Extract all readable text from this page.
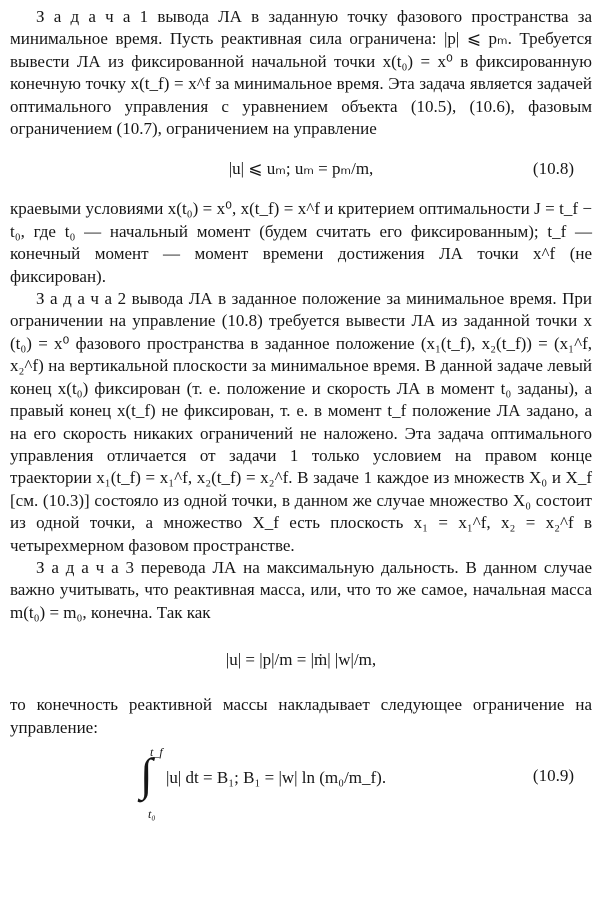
З а д а ч а 1 вывода ЛА в заданную точку фазового пространства за минимальное время. Пусть реактивная сила ограничена: |p| ⩽ pₘ. Требуется вывести ЛА из фиксированной начальной точки x(t₀) = x⁰ в фиксированную конечную точку x(t_f) = x^f за минимальное время. Эта задача является задачей оптимального управления с уравнением объекта (10.5), (10.6), фазовым ограничением (10.7), ограничением на управление

|u| ⩽ uₘ; uₘ = pₘ/m,	(10.8)

краевыми условиями x(t₀) = x⁰, x(t_f) = x^f и критерием оптимальности J = t_f − t₀, где t₀ — начальный момент (будем считать его фиксированным); t_f — конечный момент — момент времени достижения ЛА точки x^f (не фиксирован).

З а д а ч а 2 вывода ЛА в заданное положение за минимальное время. При ограничении на управление (10.8) требуется вывести ЛА из заданной точки x (t₀) = x⁰ фазового пространства в заданное положение (x₁(t_f), x₂(t_f)) = (x₁^f, x₂^f) на вертикальной плоскости за минимальное время. В данной задаче левый конец x(t₀) фиксирован (т. е. положение и скорость ЛА в момент t₀ заданы), а правый конец x(t_f) не фиксирован, т. е. в момент t_f положение ЛА задано, а на его скорость никаких ограничений не наложено. Эта задача оптимального управления отличается от задачи 1 только условием на правом конце траектории x₁(t_f) = x₁^f, x₂(t_f) = x₂^f. В задаче 1 каждое из множеств X₀ и X_f [см. (10.3)] состояло из одной точки, в данном же случае множество X₀ состоит из одной точки, а множество X_f есть плоскость x₁ = x₁^f, x₂ = x₂^f в четырехмерном фазовом пространстве.

З а д а ч а 3 перевода ЛА на максимальную дальность. В данном случае важно учитывать, что реактивная масса, или, что то же самое, начальная масса m(t₀) = m₀, конечна. Так как

|u| = |p|/m = |ṁ| |w|/m,

то конечность реактивной массы накладывает следующее ограничение на управление:

t_f
∫
t₀
|u| dt = B₁; B₁ = |w| ln (m₀/m_f).	(10.9)
